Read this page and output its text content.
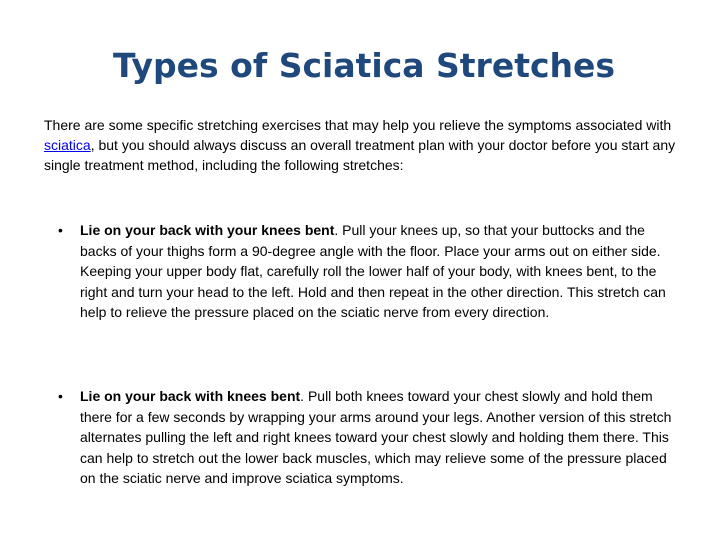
Types of Sciatica Stretches
There are some specific stretching exercises that may help you relieve the symptoms associated with sciatica, but you should always discuss an overall treatment plan with your doctor before you start any single treatment method, including the following stretches:
• Lie on your back with your knees bent. Pull your knees up, so that your buttocks and the backs of your thighs form a 90-degree angle with the floor. Place your arms out on either side. Keeping your upper body flat, carefully roll the lower half of your body, with knees bent, to the right and turn your head to the left. Hold and then repeat in the other direction. This stretch can help to relieve the pressure placed on the sciatic nerve from every direction.
• Lie on your back with knees bent. Pull both knees toward your chest slowly and hold them there for a few seconds by wrapping your arms around your legs. Another version of this stretch alternates pulling the left and right knees toward your chest slowly and holding them there. This can help to stretch out the lower back muscles, which may relieve some of the pressure placed on the sciatic nerve and improve sciatica symptoms.
